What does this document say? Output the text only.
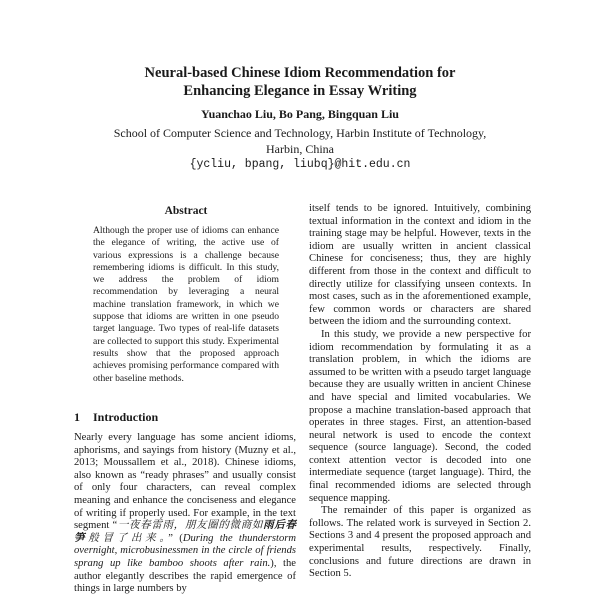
Neural-based Chinese Idiom Recommendation for
Enhancing Elegance in Essay Writing
Yuanchao Liu, Bo Pang, Bingquan Liu
School of Computer Science and Technology, Harbin Institute of Technology,
Harbin, China
{ycliu, bpang, liubq}@hit.edu.cn
Abstract
Although the proper use of idioms can enhance the elegance of writing, the active use of various expressions is a challenge because remembering idioms is difficult. In this study, we address the problem of idiom recommendation by leveraging a neural machine translation framework, in which we suppose that idioms are written in one pseudo target language. Two types of real-life datasets are collected to support this study. Experimental results show that the proposed approach achieves promising performance compared with other baseline methods.
1 Introduction
Nearly every language has some ancient idioms, aphorisms, and sayings from history (Muzny et al., 2013; Moussallem et al., 2018). Chinese idioms, also known as “ready phrases” and usually consist of only four characters, can reveal complex meaning and enhance the conciseness and elegance of writing if properly used. For example, in the text segment “一夜春雷雨，朋友圈的微商如雨后春笋般冒了出来。” (During the thunderstorm overnight, microbusinessmen in the circle of friends sprang up like bamboo shoots after rain.), the author elegantly describes the rapid emergence of things in large numbers by

itself tends to be ignored. Intuitively, combining textual information in the context and idiom in the training stage may be helpful. However, texts in the idiom are usually written in ancient classical Chinese for conciseness; thus, they are highly different from those in the context and difficult to directly utilize for classifying unseen contexts. In most cases, such as in the aforementioned example, few common words or characters are shared between the idiom and the surrounding context.

In this study, we provide a new perspective for idiom recommendation by formulating it as a translation problem, in which the idioms are assumed to be written with a pseudo target language because they are usually written in ancient Chinese and have special and limited vocabularies. We propose a machine translation-based approach that operates in three stages. First, an attention-based neural network is used to encode the context sequence (source language). Second, the coded context attention vector is decoded into one intermediate sequence (target language). Third, the final recommended idioms are selected through sequence mapping.

The remainder of this paper is organized as follows. The related work is surveyed in Section 2. Sections 3 and 4 present the proposed approach and experimental results, respectively. Finally, conclusions and future directions are drawn in Section 5.
